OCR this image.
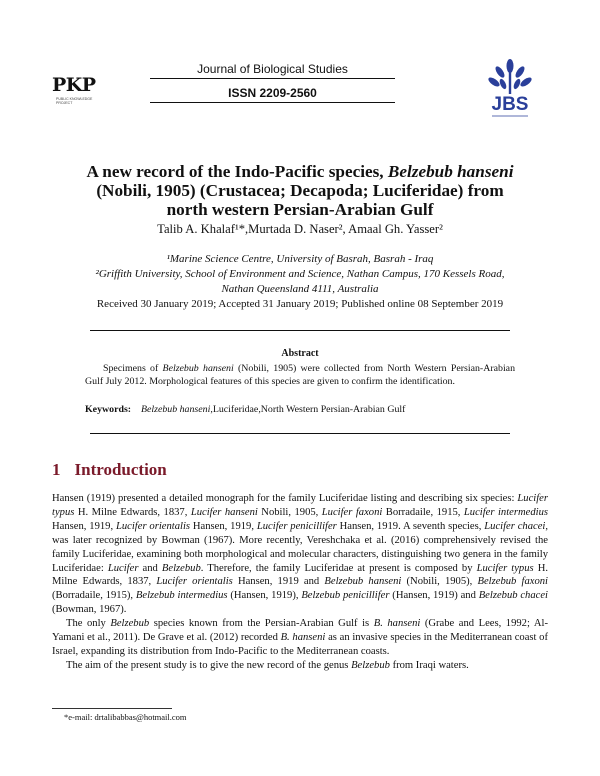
PKP
PUBLIC KNOWLEDGE PROJECT
Journal of Biological Studies
ISSN 2209-2560
JBS
A new record of the Indo-Pacific species, Belzebub hanseni
(Nobili, 1905) (Crustacea; Decapoda; Luciferidae) from
north western Persian-Arabian Gulf
Talib A. Khalaf¹*,Murtada D. Naser², Amaal Gh. Yasser²
¹Marine Science Centre, University of Basrah, Basrah - Iraq
²Griffith University, School of Environment and Science, Nathan Campus, 170 Kessels Road,
Nathan Queensland 4111, Australia
Received 30 January 2019; Accepted 31 January 2019; Published online 08 September 2019
Abstract
Specimens of Belzebub hanseni (Nobili, 1905) were collected from North Western Persian-Arabian Gulf July 2012. Morphological features of this species are given to confirm the identification.
Keywords: Belzebub hanseni,Luciferidae,North Western Persian-Arabian Gulf
1 Introduction

Hansen (1919) presented a detailed monograph for the family Luciferidae listing and describing six species: Lucifer typus H. Milne Edwards, 1837, Lucifer hanseni Nobili, 1905, Lucifer faxoni Borradaile, 1915, Lucifer intermedius Hansen, 1919, Lucifer orientalis Hansen, 1919, Lucifer penicillifer Hansen, 1919. A seventh species, Lucifer chacei, was later recognized by Bowman (1967). More recently, Vereshchaka et al. (2016) comprehensively revised the family Luciferidae, examining both morphological and molecular characters, distinguishing two genera in the family Luciferidae: Lucifer and Belzebub. Therefore, the family Luciferidae at present is composed by Lucifer typus H. Milne Edwards, 1837, Lucifer orientalis Hansen, 1919 and Belzebub hanseni (Nobili, 1905), Belzebub faxoni (Borradaile, 1915), Belzebub intermedius (Hansen, 1919), Belzebub penicillifer (Hansen, 1919) and Belzebub chacei (Bowman, 1967).

The only Belzebub species known from the Persian-Arabian Gulf is B. hanseni (Grabe and Lees, 1992; Al-Yamani et al., 2011). De Grave et al. (2012) recorded B. hanseni as an invasive species in the Mediterranean coast of Israel, expanding its distribution from Indo-Pacific to the Mediterranean coasts.

The aim of the present study is to give the new record of the genus Belzebub from Iraqi waters.

*e-mail: drtalibabbas@hotmail.com
